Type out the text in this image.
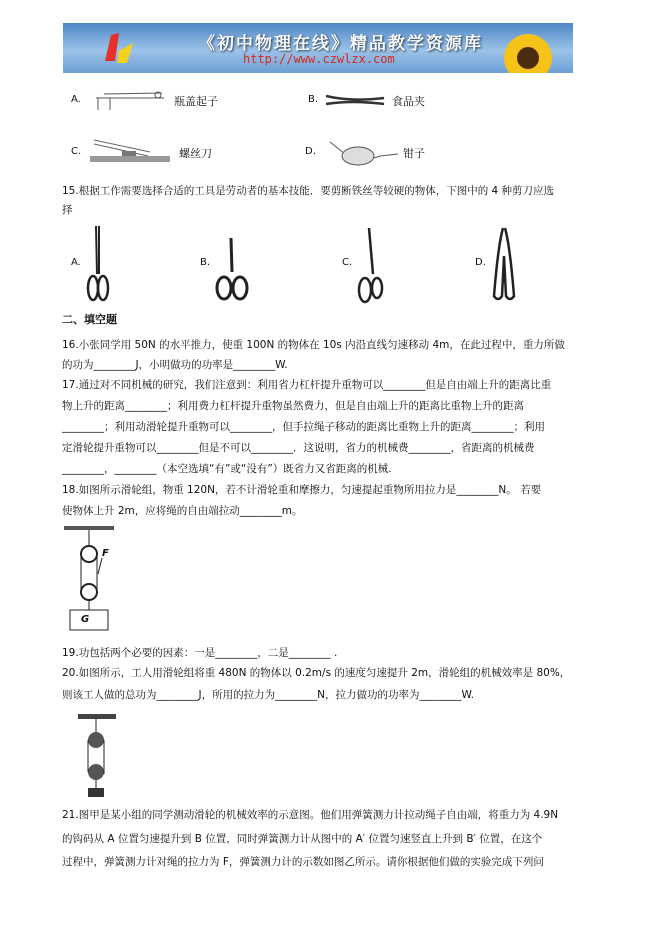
《初中物理在线》精品教学资源库
http://www.czwlzx.com
A.	瓶盖起子	B.	食品夹
C.	螺丝刀	D.	钳子
15.根据工作需要选择合适的工具是劳动者的基本技能．要剪断铁丝等较硬的物体，下图中的 4 种剪刀应选
择
A.	B.	C.	D.
二、填空题
16.小张同学用 50N 的水平推力，使重 100N 的物体在 10s 内沿直线匀速移动 4m，在此过程中，重力所做
的功为________J，小明做功的功率是________W.
17.通过对不同机械的研究，我们注意到：利用省力杠杆提升重物可以________但是自由端上升的距离比重
物上升的距离________；利用费力杠杆提升重物虽然费力，但是自由端上升的距离比重物上升的距离
________；利用动滑轮提升重物可以________，但手拉绳子移动的距离比重物上升的距离________；利用
定滑轮提升重物可以________但是不可以________．这说明，省力的机械费________，省距离的机械费
________，________（本空选填“有”或“没有”）既省力又省距离的机械.
18.如图所示滑轮组，物重 120N，若不计滑轮重和摩擦力，匀速提起重物所用拉力是________N。 若要
使物体上升 2m，应将绳的自由端拉动________m。
F
G
19.功包括两个必要的因素：一是________，二是________ .
20.如图所示，工人用滑轮组将重 480N 的物体以 0.2m/s 的速度匀速提升 2m，滑轮组的机械效率是 80%，
则该工人做的总功为________J，所用的拉力为________N，拉力做功的功率为________W.
21.图甲是某小组的同学测动滑轮的机械效率的示意图。他们用弹簧测力计拉动绳子自由端，将重力为 4.9N
的钩码从 A 位置匀速提升到 B 位置，同时弹簧测力计从图中的 A′ 位置匀速竖直上升到 B′ 位置，在这个
过程中，弹簧测力计对绳的拉力为 F，弹簧测力计的示数如图乙所示。请你根据他们做的实验完成下列问
